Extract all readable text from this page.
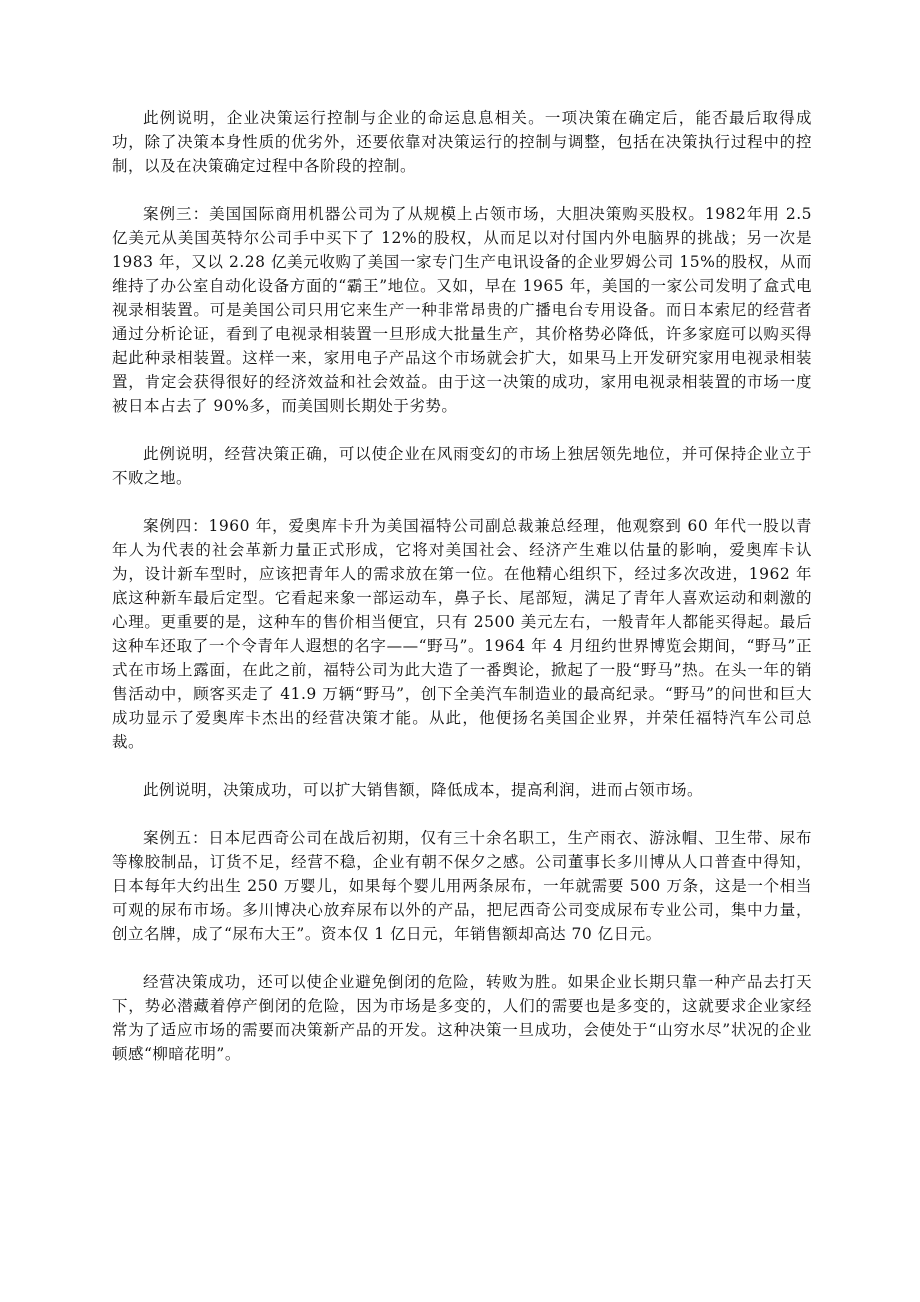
此例说明，企业决策运行控制与企业的命运息息相关。一项决策在确定后，能否最后取得成功，除了决策本身性质的优劣外，还要依靠对决策运行的控制与调整，包括在决策执行过程中的控制，以及在决策确定过程中各阶段的控制。

案例三：美国国际商用机器公司为了从规模上占领市场，大胆决策购买股权。1982年用 2.5 亿美元从美国英特尔公司手中买下了 12%的股权，从而足以对付国内外电脑界的挑战；另一次是 1983 年，又以 2.28 亿美元收购了美国一家专门生产电讯设备的企业罗姆公司 15%的股权，从而维持了办公室自动化设备方面的“霸王”地位。又如，早在 1965 年，美国的一家公司发明了盒式电视录相装置。可是美国公司只用它来生产一种非常昂贵的广播电台专用设备。而日本索尼的经营者通过分析论证，看到了电视录相装置一旦形成大批量生产，其价格势必降低，许多家庭可以购买得起此种录相装置。这样一来，家用电子产品这个市场就会扩大，如果马上开发研究家用电视录相装置，肯定会获得很好的经济效益和社会效益。由于这一决策的成功，家用电视录相装置的市场一度被日本占去了 90%多，而美国则长期处于劣势。

此例说明，经营决策正确，可以使企业在风雨变幻的市场上独居领先地位，并可保持企业立于不败之地。

案例四：1960 年，爱奥库卡升为美国福特公司副总裁兼总经理，他观察到 60 年代一股以青年人为代表的社会革新力量正式形成，它将对美国社会、经济产生难以估量的影响，爱奥库卡认为，设计新车型时，应该把青年人的需求放在第一位。在他精心组织下，经过多次改进，1962 年底这种新车最后定型。它看起来象一部运动车，鼻子长、尾部短，满足了青年人喜欢运动和刺激的心理。更重要的是，这种车的售价相当便宜，只有 2500 美元左右，一般青年人都能买得起。最后这种车还取了一个令青年人遐想的名字——“野马”。1964 年 4 月纽约世界博览会期间，“野马”正式在市场上露面，在此之前，福特公司为此大造了一番舆论，掀起了一股“野马”热。在头一年的销售活动中，顾客买走了 41.9 万辆“野马”，创下全美汽车制造业的最高纪录。“野马”的问世和巨大成功显示了爱奥库卡杰出的经营决策才能。从此，他便扬名美国企业界，并荣任福特汽车公司总裁。

此例说明，决策成功，可以扩大销售额，降低成本，提高利润，进而占领市场。

案例五：日本尼西奇公司在战后初期，仅有三十余名职工，生产雨衣、游泳帽、卫生带、尿布等橡胶制品，订货不足，经营不稳，企业有朝不保夕之感。公司董事长多川博从人口普查中得知，日本每年大约出生 250 万婴儿，如果每个婴儿用两条尿布，一年就需要 500 万条，这是一个相当可观的尿布市场。多川博决心放弃尿布以外的产品，把尼西奇公司变成尿布专业公司，集中力量，创立名牌，成了“尿布大王”。资本仅 1 亿日元，年销售额却高达 70 亿日元。

经营决策成功，还可以使企业避免倒闭的危险，转败为胜。如果企业长期只靠一种产品去打天下，势必潜藏着停产倒闭的危险，因为市场是多变的，人们的需要也是多变的，这就要求企业家经常为了适应市场的需要而决策新产品的开发。这种决策一旦成功，会使处于“山穷水尽”状况的企业顿感“柳暗花明”。
